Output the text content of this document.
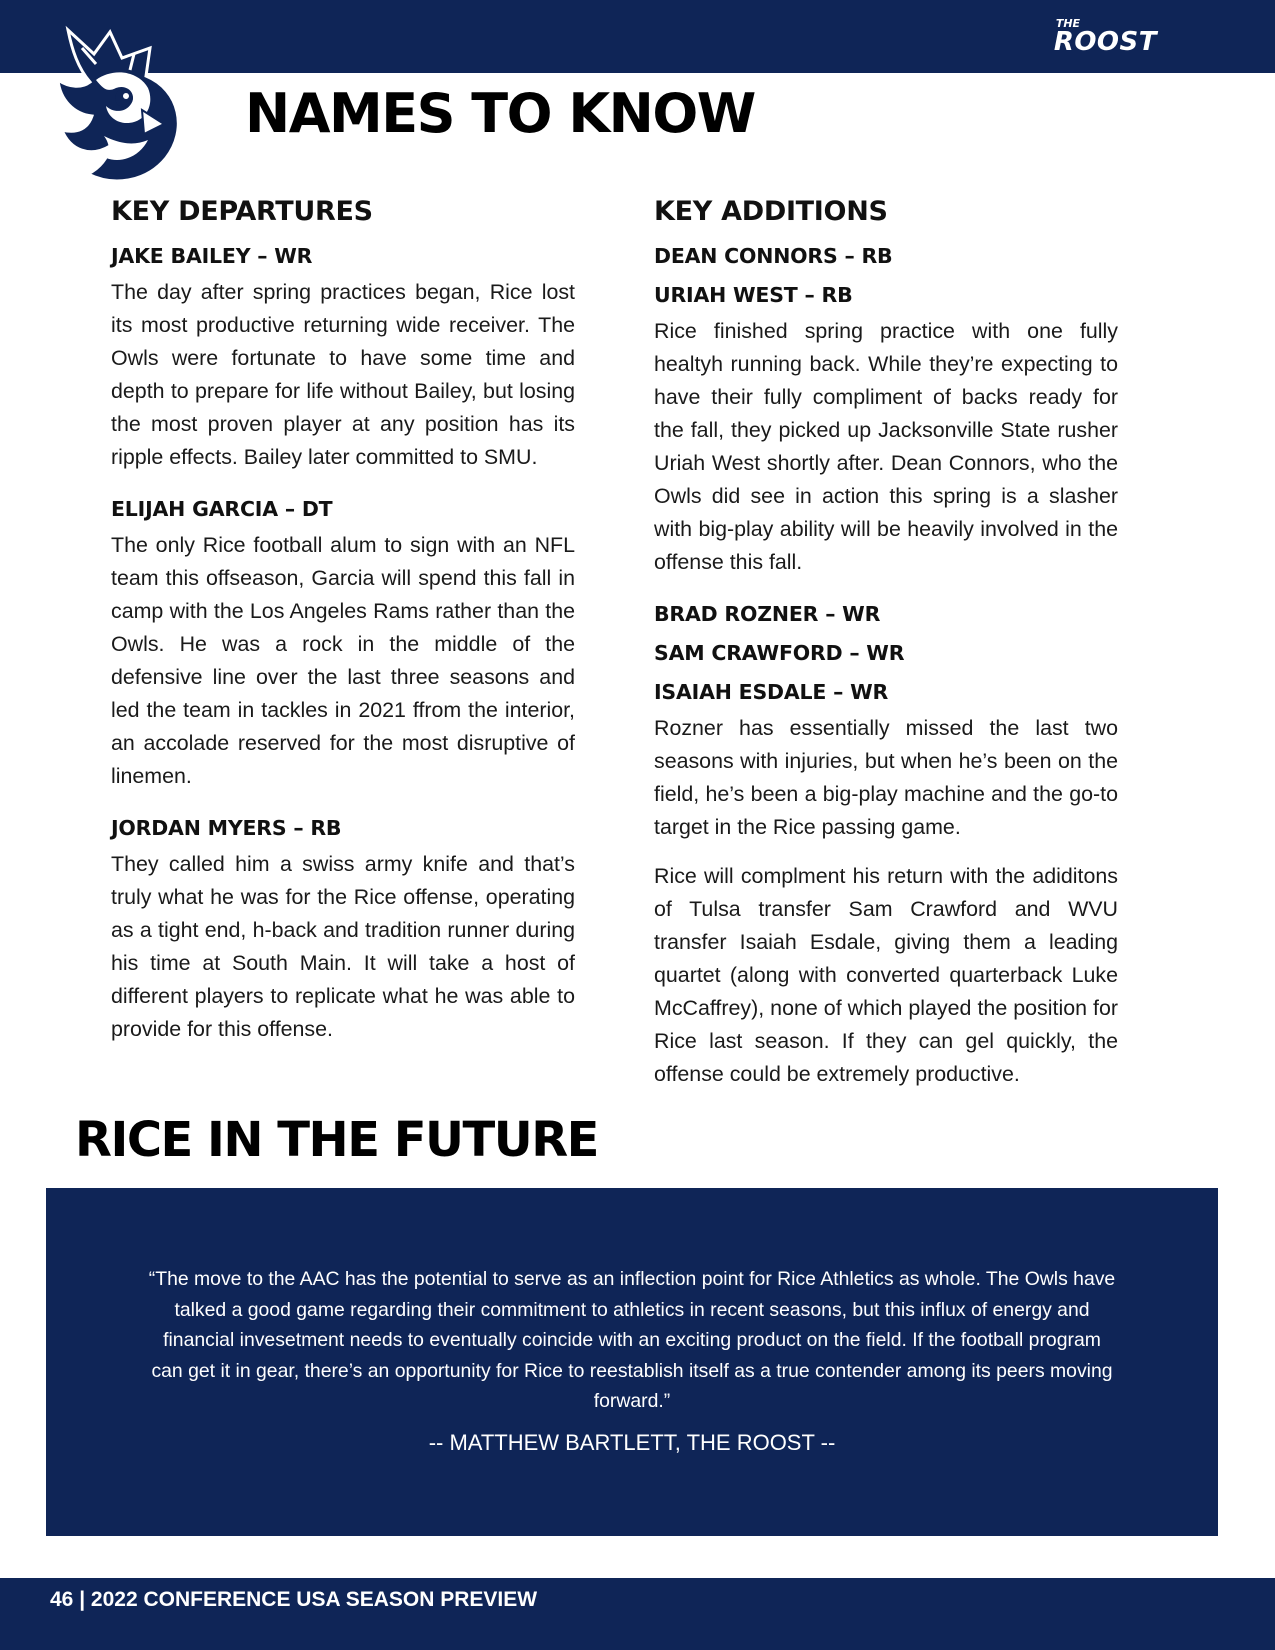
THE
ROOST
NAMES TO KNOW
KEY DEPARTURES
JAKE BAILEY – WR

The day after spring practices began, Rice lost its most productive returning wide receiver. The Owls were fortunate to have some time and depth to prepare for life without Bailey, but losing the most proven player at any position has its ripple effects. Bailey later committed to SMU.

ELIJAH GARCIA – DT

The only Rice football alum to sign with an NFL team this offseason, Garcia will spend this fall in camp with the Los Angeles Rams rather than the Owls. He was a rock in the middle of the defensive line over the last three seasons and led the team in tackles in 2021 ffrom the interior, an accolade reserved for the most disruptive of linemen.

JORDAN MYERS – RB

They called him a swiss army knife and that’s truly what he was for the Rice offense, operating as a tight end, h-back and tradition runner during his time at South Main. It will take a host of different players to replicate what he was able to provide for this offense.

KEY ADDITIONS
DEAN CONNORS – RB
URIAH WEST – RB

Rice finished spring practice with one fully healtyh running back. While they’re expecting to have their fully compliment of backs ready for the fall, they picked up Jacksonville State rusher Uriah West shortly after. Dean Connors, who the Owls did see in action this spring is a slasher with big-play ability will be heavily involved in the offense this fall.

BRAD ROZNER – WR
SAM CRAWFORD – WR
ISAIAH ESDALE – WR

Rozner has essentially missed the last two seasons with injuries, but when he’s been on the field, he’s been a big-play machine and the go-to target in the Rice passing game.

Rice will complment his return with the adiditons of Tulsa transfer Sam Crawford and WVU transfer Isaiah Esdale, giving them a leading quartet (along with converted quarterback Luke McCaffrey), none of which played the position for Rice last season. If they can gel quickly, the offense could be extremely productive.

RICE IN THE FUTURE

“The move to the AAC has the potential to serve as an inflection point for Rice Athletics as whole. The Owls have talked a good game regarding their commitment to athletics in recent seasons, but this influx of energy and financial invesetment needs to eventually coincide with an exciting product on the field. If the football program can get it in gear, there’s an opportunity for Rice to reestablish itself as a true contender among its peers moving forward.”

-- MATTHEW BARTLETT, THE ROOST --

46 | 2022 CONFERENCE USA SEASON PREVIEW
